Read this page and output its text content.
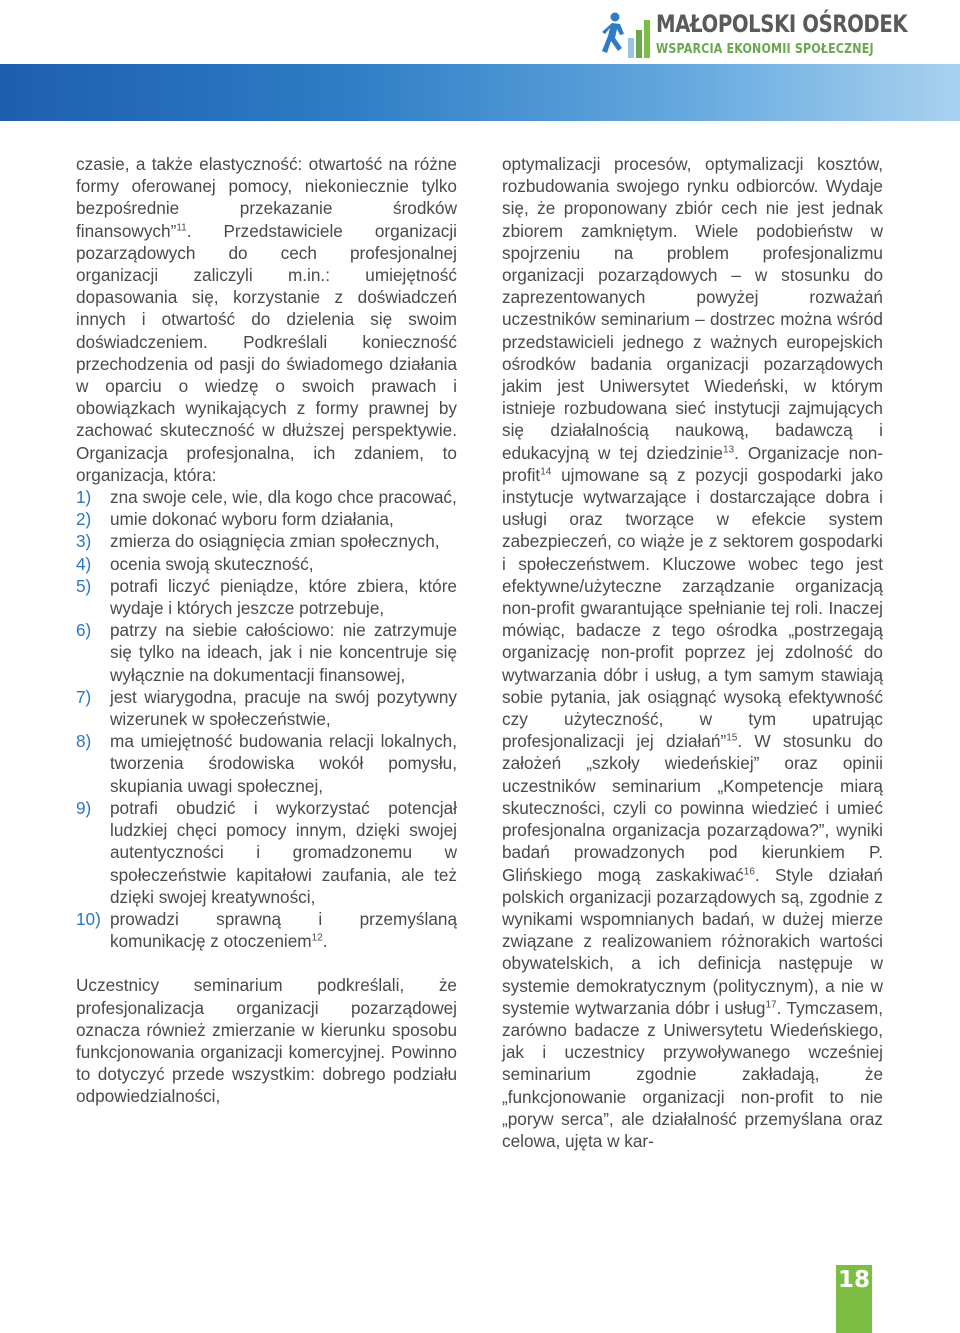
MAŁOPOLSKI OŚRODEK
WSPARCIA EKONOMII SPOŁECZNEJ

czasie, a także elastyczność: otwartość na różne formy oferowanej pomocy, niekoniecznie tylko bezpośrednie przekazanie środków finansowych”$^{11}$. Przedstawiciele organizacji pozarządowych do cech profesjonalnej organizacji zaliczyli m.in.: umiejętność dopasowania się, korzystanie z doświadczeń innych i otwartość do dzielenia się swoim doświadczeniem. Podkreślali konieczność przechodzenia od pasji do świadomego działania w oparciu o wiedzę o swoich prawach i obowiązkach wynikających z formy prawnej by zachować skuteczność w dłuższej perspektywie. Organizacja profesjonalna, ich zdaniem, to organizacja, która:

1) zna swoje cele, wie, dla kogo chce pracować,
2) umie dokonać wyboru form działania,
3) zmierza do osiągnięcia zmian społecznych,
4) ocenia swoją skuteczność,
5) potrafi liczyć pieniądze, które zbiera, które wydaje i których jeszcze potrzebuje,
6) patrzy na siebie całościowo: nie zatrzymuje się tylko na ideach, jak i nie koncentruje się wyłącznie na dokumentacji finansowej,
7) jest wiarygodna, pracuje na swój pozytywny wizerunek w społeczeństwie,
8) ma umiejętność budowania relacji lokalnych, tworzenia środowiska wokół pomysłu, skupiania uwagi społecznej,
9) potrafi obudzić i wykorzystać potencjał ludzkiej chęci pomocy innym, dzięki swojej autentyczności i gromadzonemu w społeczeństwie kapitałowi zaufania, ale też dzięki swojej kreatywności,
10) prowadzi sprawną i przemyślaną komunikację z otoczeniem$^{12}$.

Uczestnicy seminarium podkreślali, że profesjonalizacja organizacji pozarządowej oznacza również zmierzanie w kierunku sposobu funkcjonowania organizacji komercyjnej. Powinno to dotyczyć przede wszystkim: dobrego podziału odpowiedzialności,

optymalizacji procesów, optymalizacji kosztów, rozbudowania swojego rynku odbiorców. Wydaje się, że proponowany zbiór cech nie jest jednak zbiorem zamkniętym. Wiele podobieństw w spojrzeniu na problem profesjonalizmu organizacji pozarządowych – w stosunku do zaprezentowanych powyżej rozważań uczestników seminarium – dostrzec można wśród przedstawicieli jednego z ważnych europejskich ośrodków badania organizacji pozarządowych jakim jest Uniwersytet Wiedeński, w którym istnieje rozbudowana sieć instytucji zajmujących się działalnością naukową, badawczą i edukacyjną w tej dziedzinie$^{13}$. Organizacje non-profit$^{14}$ ujmowane są z pozycji gospodarki jako instytucje wytwarzające i dostarczające dobra i usługi oraz tworzące w efekcie system zabezpieczeń, co wiąże je z sektorem gospodarki i społeczeństwem. Kluczowe wobec tego jest efektywne/użyteczne zarządzanie organizacją non-profit gwarantujące spełnianie tej roli. Inaczej mówiąc, badacze z tego ośrodka „postrzegają organizację non-profit poprzez jej zdolność do wytwarzania dóbr i usług, a tym samym stawiają sobie pytania, jak osiągnąć wysoką efektywność czy użyteczność, w tym upatrując profesjonalizacji jej działań”$^{15}$. W stosunku do założeń „szkoły wiedeńskiej” oraz opinii uczestników seminarium „Kompetencje miarą skuteczności, czyli co powinna wiedzieć i umieć profesjonalna organizacja pozarządowa?”, wyniki badań prowadzonych pod kierunkiem P. Glińskiego mogą zaskakiwać$^{16}$. Style działań polskich organizacji pozarządowych są, zgodnie z wynikami wspomnianych badań, w dużej mierze związane z realizowaniem różnorakich wartości obywatelskich, a ich definicja następuje w systemie demokratycznym (politycznym), a nie w systemie wytwarzania dóbr i usług$^{17}$. Tymczasem, zarówno badacze z Uniwersytetu Wiedeńskiego, jak i uczestnicy przywoływanego wcześniej seminarium zgodnie zakładają, że „funkcjonowanie organizacji non-profit to nie „poryw serca”, ale działalność przemyślana oraz celowa, ujęta w kar-

18
